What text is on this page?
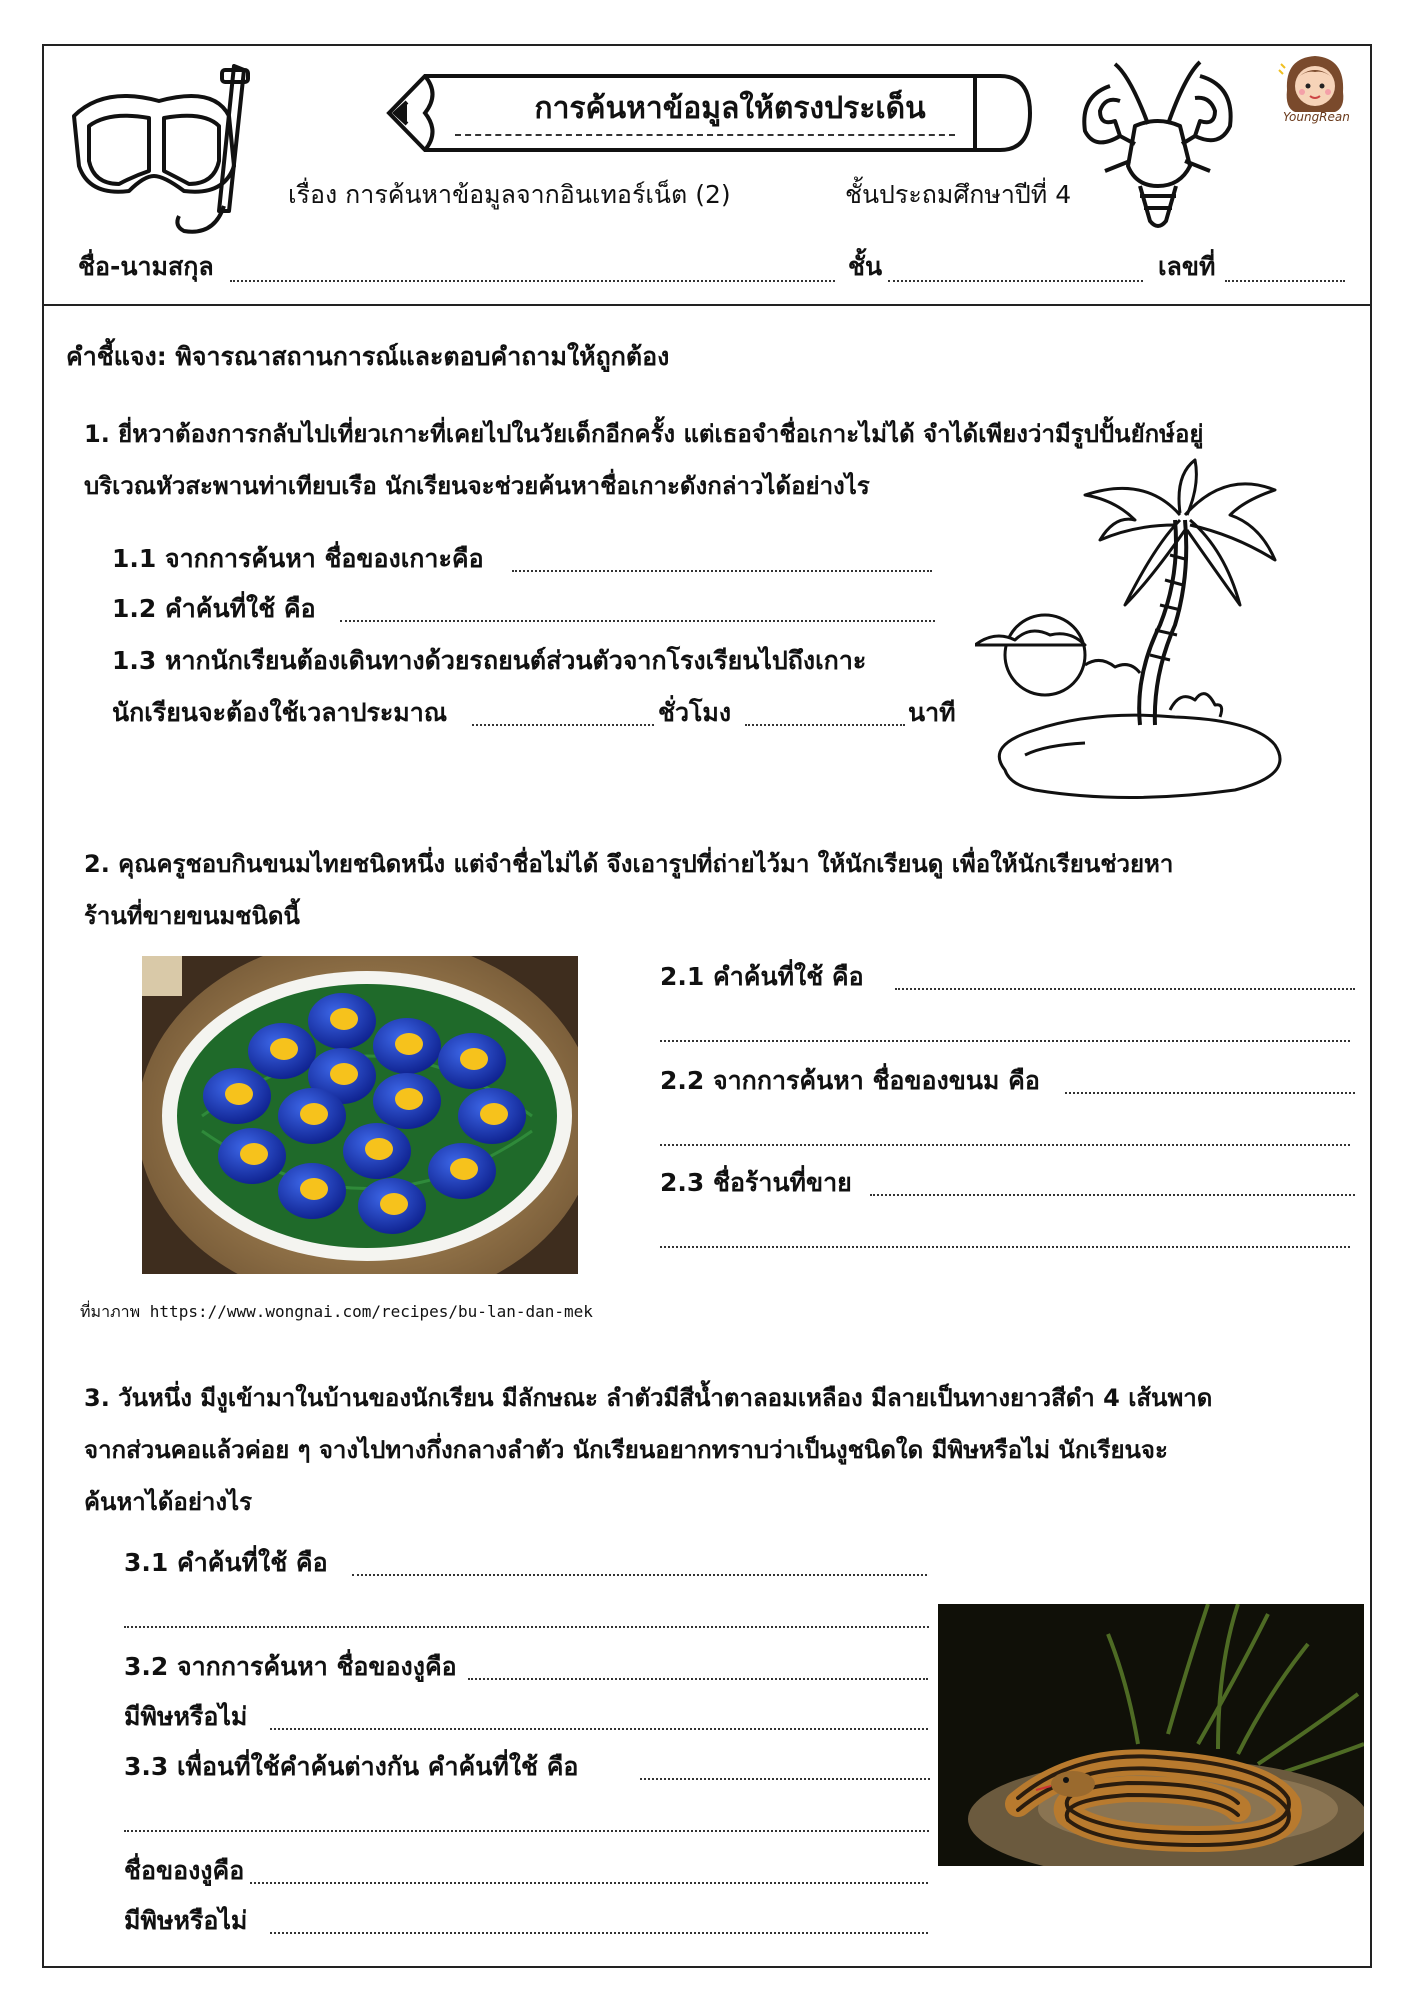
การค้นหาข้อมูลให้ตรงประเด็น	YoungRean
เรื่อง การค้นหาข้อมูลจากอินเทอร์เน็ต (2)	ชั้นประถมศึกษาปีที่ 4
ชื่อ-นามสกุล	ชั้น	เลขที่
คำชี้แจง: พิจารณาสถานการณ์และตอบคำถามให้ถูกต้อง
1. ยี่หวาต้องการกลับไปเที่ยวเกาะที่เคยไปในวัยเด็กอีกครั้ง แต่เธอจำชื่อเกาะไม่ได้ จำได้เพียงว่ามีรูปปั้นยักษ์อยู่
บริเวณหัวสะพานท่าเทียบเรือ นักเรียนจะช่วยค้นหาชื่อเกาะดังกล่าวได้อย่างไร
1.1 จากการค้นหา ชื่อของเกาะคือ
1.2 คำค้นที่ใช้ คือ
1.3 หากนักเรียนต้องเดินทางด้วยรถยนต์ส่วนตัวจากโรงเรียนไปถึงเกาะ
นักเรียนจะต้องใช้เวลาประมาณ	ชั่วโมง	นาที
2. คุณครูชอบกินขนมไทยชนิดหนึ่ง แต่จำชื่อไม่ได้ จึงเอารูปที่ถ่ายไว้มา ให้นักเรียนดู เพื่อให้นักเรียนช่วยหา
ร้านที่ขายขนมชนิดนี้
ที่มาภาพ https://www.wongnai.com/recipes/bu-lan-dan-mek
2.1 คำค้นที่ใช้ คือ
2.2 จากการค้นหา ชื่อของขนม คือ
2.3 ชื่อร้านที่ขาย
3. วันหนึ่ง มีงูเข้ามาในบ้านของนักเรียน มีลักษณะ ลำตัวมีสีน้ำตาลอมเหลือง มีลายเป็นทางยาวสีดำ 4 เส้นพาด
จากส่วนคอแล้วค่อย ๆ จางไปทางกึ่งกลางลำตัว นักเรียนอยากทราบว่าเป็นงูชนิดใด มีพิษหรือไม่ นักเรียนจะ
ค้นหาได้อย่างไร
3.1 คำค้นที่ใช้ คือ
3.2 จากการค้นหา ชื่อของงูคือ
มีพิษหรือไม่
3.3 เพื่อนที่ใช้คำค้นต่างกัน คำค้นที่ใช้ คือ
ชื่อของงูคือ
มีพิษหรือไม่
